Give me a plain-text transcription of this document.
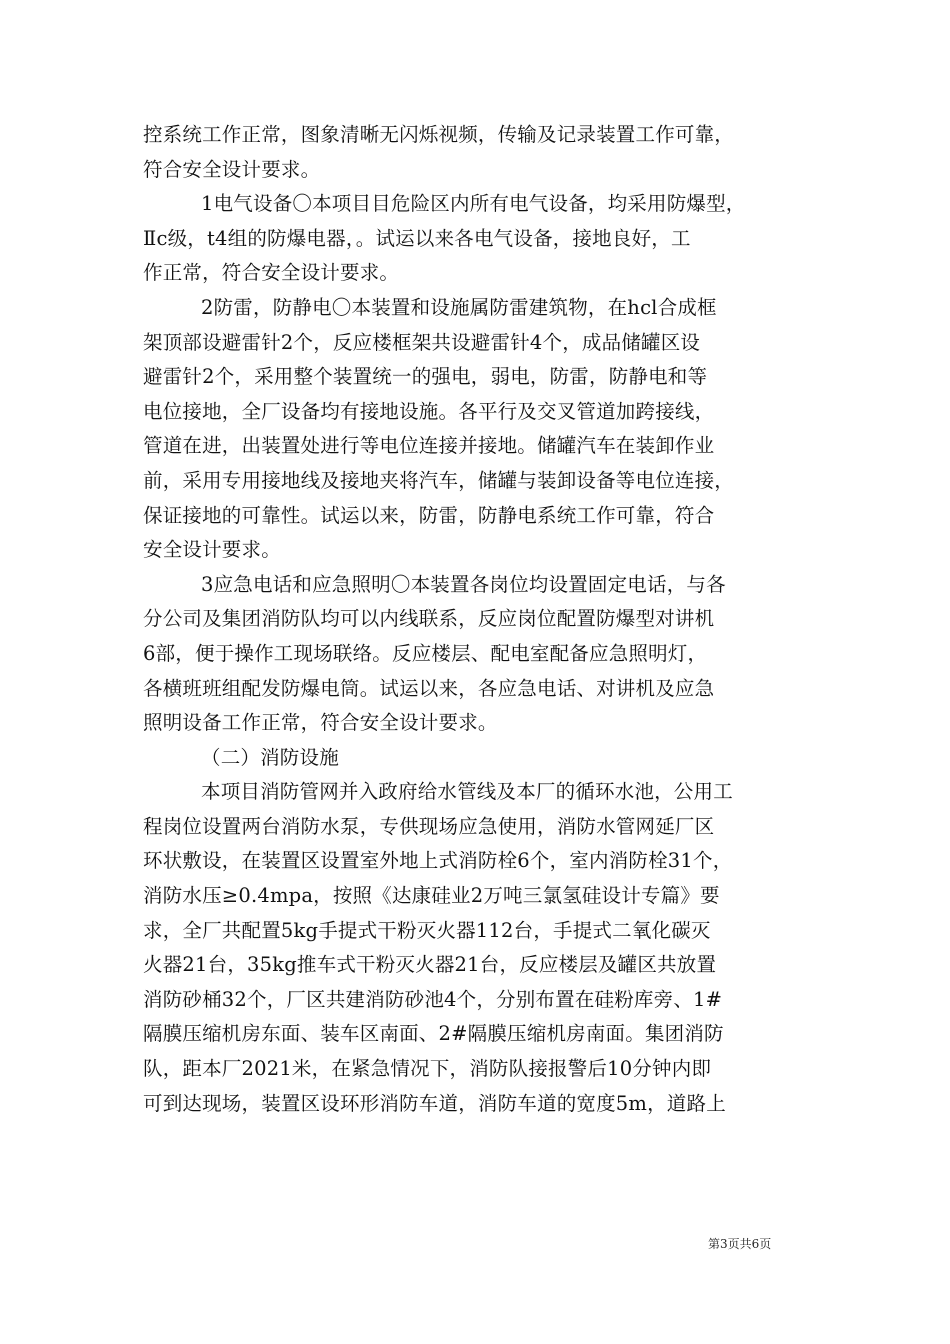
控系统工作正常，图象清晰无闪烁视频，传输及记录装置工作可靠，
符合安全设计要求。
1电气设备〇本项目目危险区内所有电气设备，均采用防爆型，
Ⅱc级，t4组的防爆电器，。试运以来各电气设备，接地良好，工
作正常，符合安全设计要求。
2防雷，防静电〇本装置和设施属防雷建筑物，在hcl合成框
架顶部设避雷针2个，反应楼框架共设避雷针4个，成品储罐区设
避雷针2个，采用整个装置统一的强电，弱电，防雷，防静电和等
电位接地，全厂设备均有接地设施。各平行及交叉管道加跨接线，
管道在进，出装置处进行等电位连接并接地。储罐汽车在装卸作业
前，采用专用接地线及接地夹将汽车，储罐与装卸设备等电位连接，
保证接地的可靠性。试运以来，防雷，防静电系统工作可靠，符合
安全设计要求。
3应急电话和应急照明〇本装置各岗位均设置固定电话，与各
分公司及集团消防队均可以内线联系，反应岗位配置防爆型对讲机
6部，便于操作工现场联络。反应楼层、配电室配备应急照明灯，
各横班班组配发防爆电筒。试运以来，各应急电话、对讲机及应急
照明设备工作正常，符合安全设计要求。
（二）消防设施
本项目消防管网并入政府给水管线及本厂的循环水池，公用工
程岗位设置两台消防水泵，专供现场应急使用，消防水管网延厂区
环状敷设，在装置区设置室外地上式消防栓6个，室内消防栓31个，
消防水压≥0.4mpa，按照《达康硅业2万吨三氯氢硅设计专篇》要
求，全厂共配置5kg手提式干粉灭火器112台，手提式二氧化碳灭
火器21台，35kg推车式干粉灭火器21台，反应楼层及罐区共放置
消防砂桶32个，厂区共建消防砂池4个，分别布置在硅粉库旁、1#
隔膜压缩机房东面、装车区南面、2#隔膜压缩机房南面。集团消防
队，距本厂2021米，在紧急情况下，消防队接报警后10分钟内即
可到达现场，装置区设环形消防车道，消防车道的宽度5m，道路上
第3页共6页
